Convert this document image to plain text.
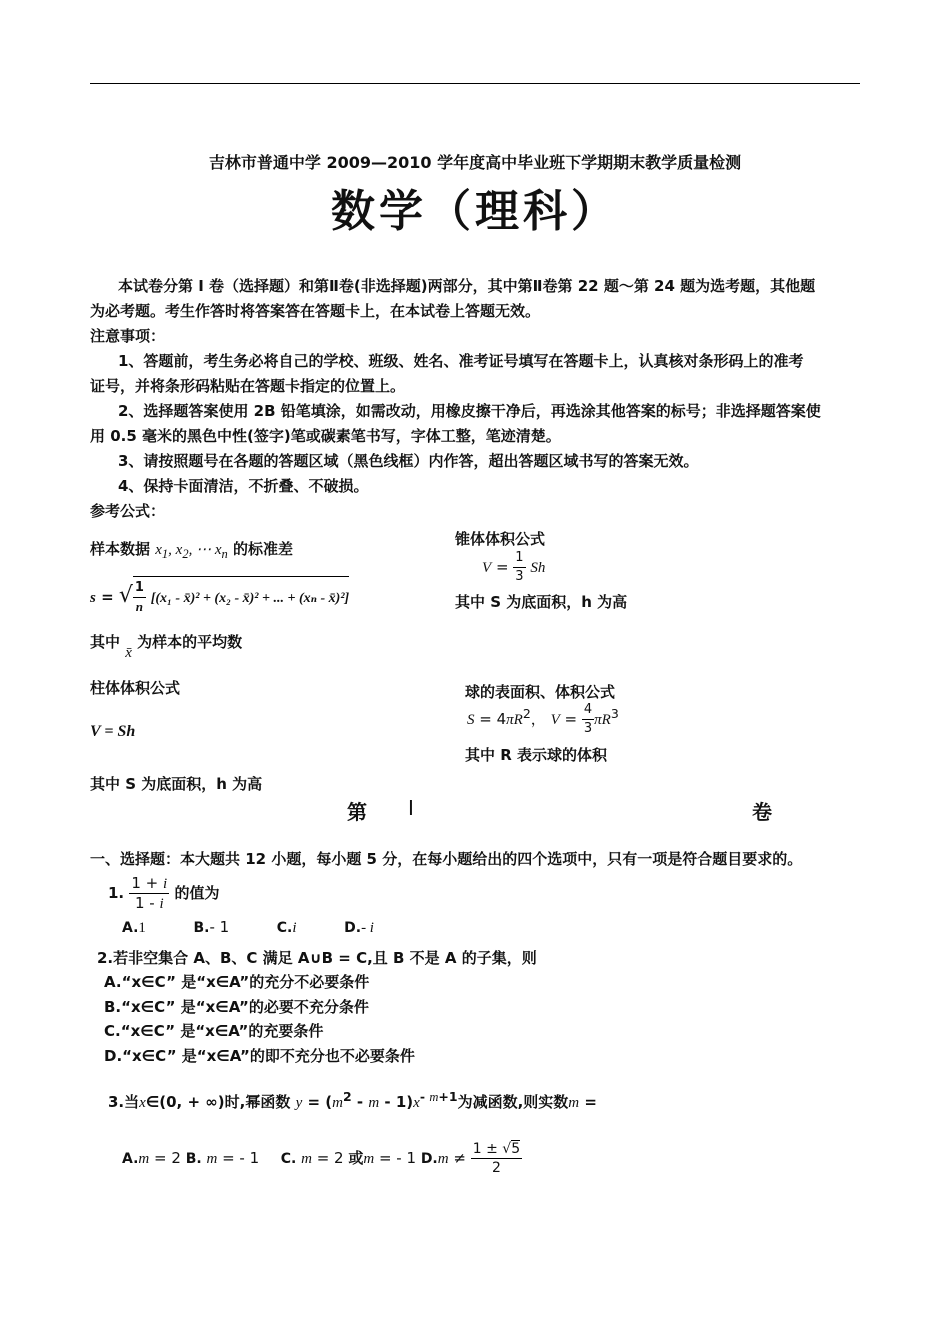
吉林市普通中学 2009—2010 学年度高中毕业班下学期期末教学质量检测
数学（理科）
本试卷分第 I 卷（选择题）和第Ⅱ卷(非选择题)两部分，其中第Ⅱ卷第 22 题～第 24 题为选考题，其他题
为必考题。考生作答时将答案答在答题卡上，在本试卷上答题无效。
注意事项：
1、答题前，考生务必将自己的学校、班级、姓名、准考证号填写在答题卡上，认真核对条形码上的准考
证号，并将条形码粘贴在答题卡指定的位置上。
2、选择题答案使用 2B 铅笔填涂，如需改动，用橡皮擦干净后，再选涂其他答案的标号；非选择题答案使
用 0.5 毫米的黑色中性(签字)笔或碳素笔书写，字体工整，笔迹清楚。
3、请按照题号在各题的答题区域（黑色线框）内作答，超出答题区域书写的答案无效。
4、保持卡面清洁，不折叠、不破损。
参考公式：
样本数据 $x_1$, $x_2$, ⋯ $x_n$ 的标准差
s = √ $\frac{1}{n} [(x_1$ - x̄)² + (x₂ - x̄)² + ... + (xₙ - x̄)²]
其中 x̄ 为样本的平均数
柱体体积公式
V = Sh
其中 S 为底面积，h 为高
锥体体积公式
$V = \frac{1}{3}$ Sh
其中 S 为底面积，h 为高
球的表面积、体积公式
$S = 4\pi R^2$， $V = \frac{4}{3} \pi R^3$
其中 R 表示球的体积
第 I	卷
一、选择题：本大题共 12 小题，每小题 5 分，在每小题给出的四个选项中，只有一项是符合题目要求的。
1. $\frac{1 + i}{1 - i}$ 的值为
A.1	B.- 1	C.i	D.- i
2.若非空集合 A、B、C 满足 A∪B = C,且 B 不是 A 的子集，则
A.“x∈C” 是“x∈A”的充分不必要条件
B.“x∈C” 是“x∈A”的必要不充分条件
C.“x∈C” 是“x∈A”的充要条件
D.“x∈C” 是“x∈A”的即不充分也不必要条件
3.当x∈(0, + ∞)时,幂函数 $y = (m^2 - m - 1)x^{- m+1}$为减函数,则实数m =
A.m = 2 B. m = - 1  C. m = 2 或m = - 1 $D.m \ne \frac{1 \pm √5}{2}$
